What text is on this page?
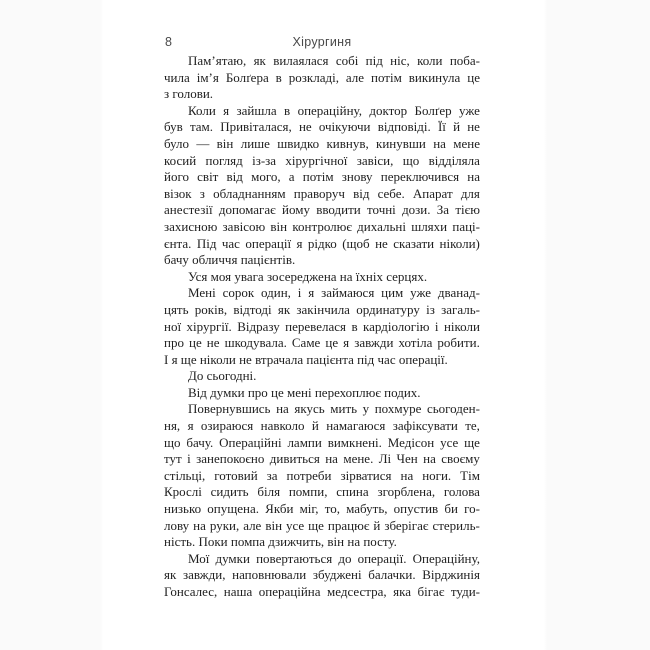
8	Хірургиня
Пам’ятаю, як вилаялася собі під ніс, коли поба-
чила ім’я Болґера в розкладі, але потім викинула це
з голови.
Коли я зайшла в операційну, доктор Болґер уже
був там. Привіталася, не очікуючи відповіді. Її й не
було — він лише швидко кивнув, кинувши на мене
косий погляд із-за хірургічної завіси, що відділяла
його світ від мого, а потім знову переключився на
візок з обладнанням праворуч від себе. Апарат для
анестезії допомагає йому вводити точні дози. За тією
захисною завісою він контролює дихальні шляхи паці-
єнта. Під час операції я рідко (щоб не сказати ніколи)
бачу обличчя пацієнтів.
Уся моя увага зосереджена на їхніх серцях.
Мені сорок один, і я займаюся цим уже дванад-
цять років, відтоді як закінчила ординатуру із загаль-
ної хірургії. Відразу перевелася в кардіологію і ніколи
про це не шкодувала. Саме це я завжди хотіла робити.
І я ще ніколи не втрачала пацієнта під час операції.
До сьогодні.
Від думки про це мені перехоплює подих.
Повернувшись на якусь мить у похмуре сьогоден-
ня, я озираюся навколо й намагаюся зафіксувати те,
що бачу. Операційні лампи вимкнені. Медісон усе ще
тут і занепокоєно дивиться на мене. Лі Чен на своєму
стільці, готовий за потреби зірватися на ноги. Тім
Крослі сидить біля помпи, спина згорблена, голова
низько опущена. Якби міг, то, мабуть, опустив би го-
лову на руки, але він усе ще працює й зберігає стериль-
ність. Поки помпа дзижчить, він на посту.
Мої думки повертаються до операції. Операційну,
як завжди, наповнювали збуджені балачки. Вірджинія
Гонсалес, наша операційна медсестра, яка бігає туди-
